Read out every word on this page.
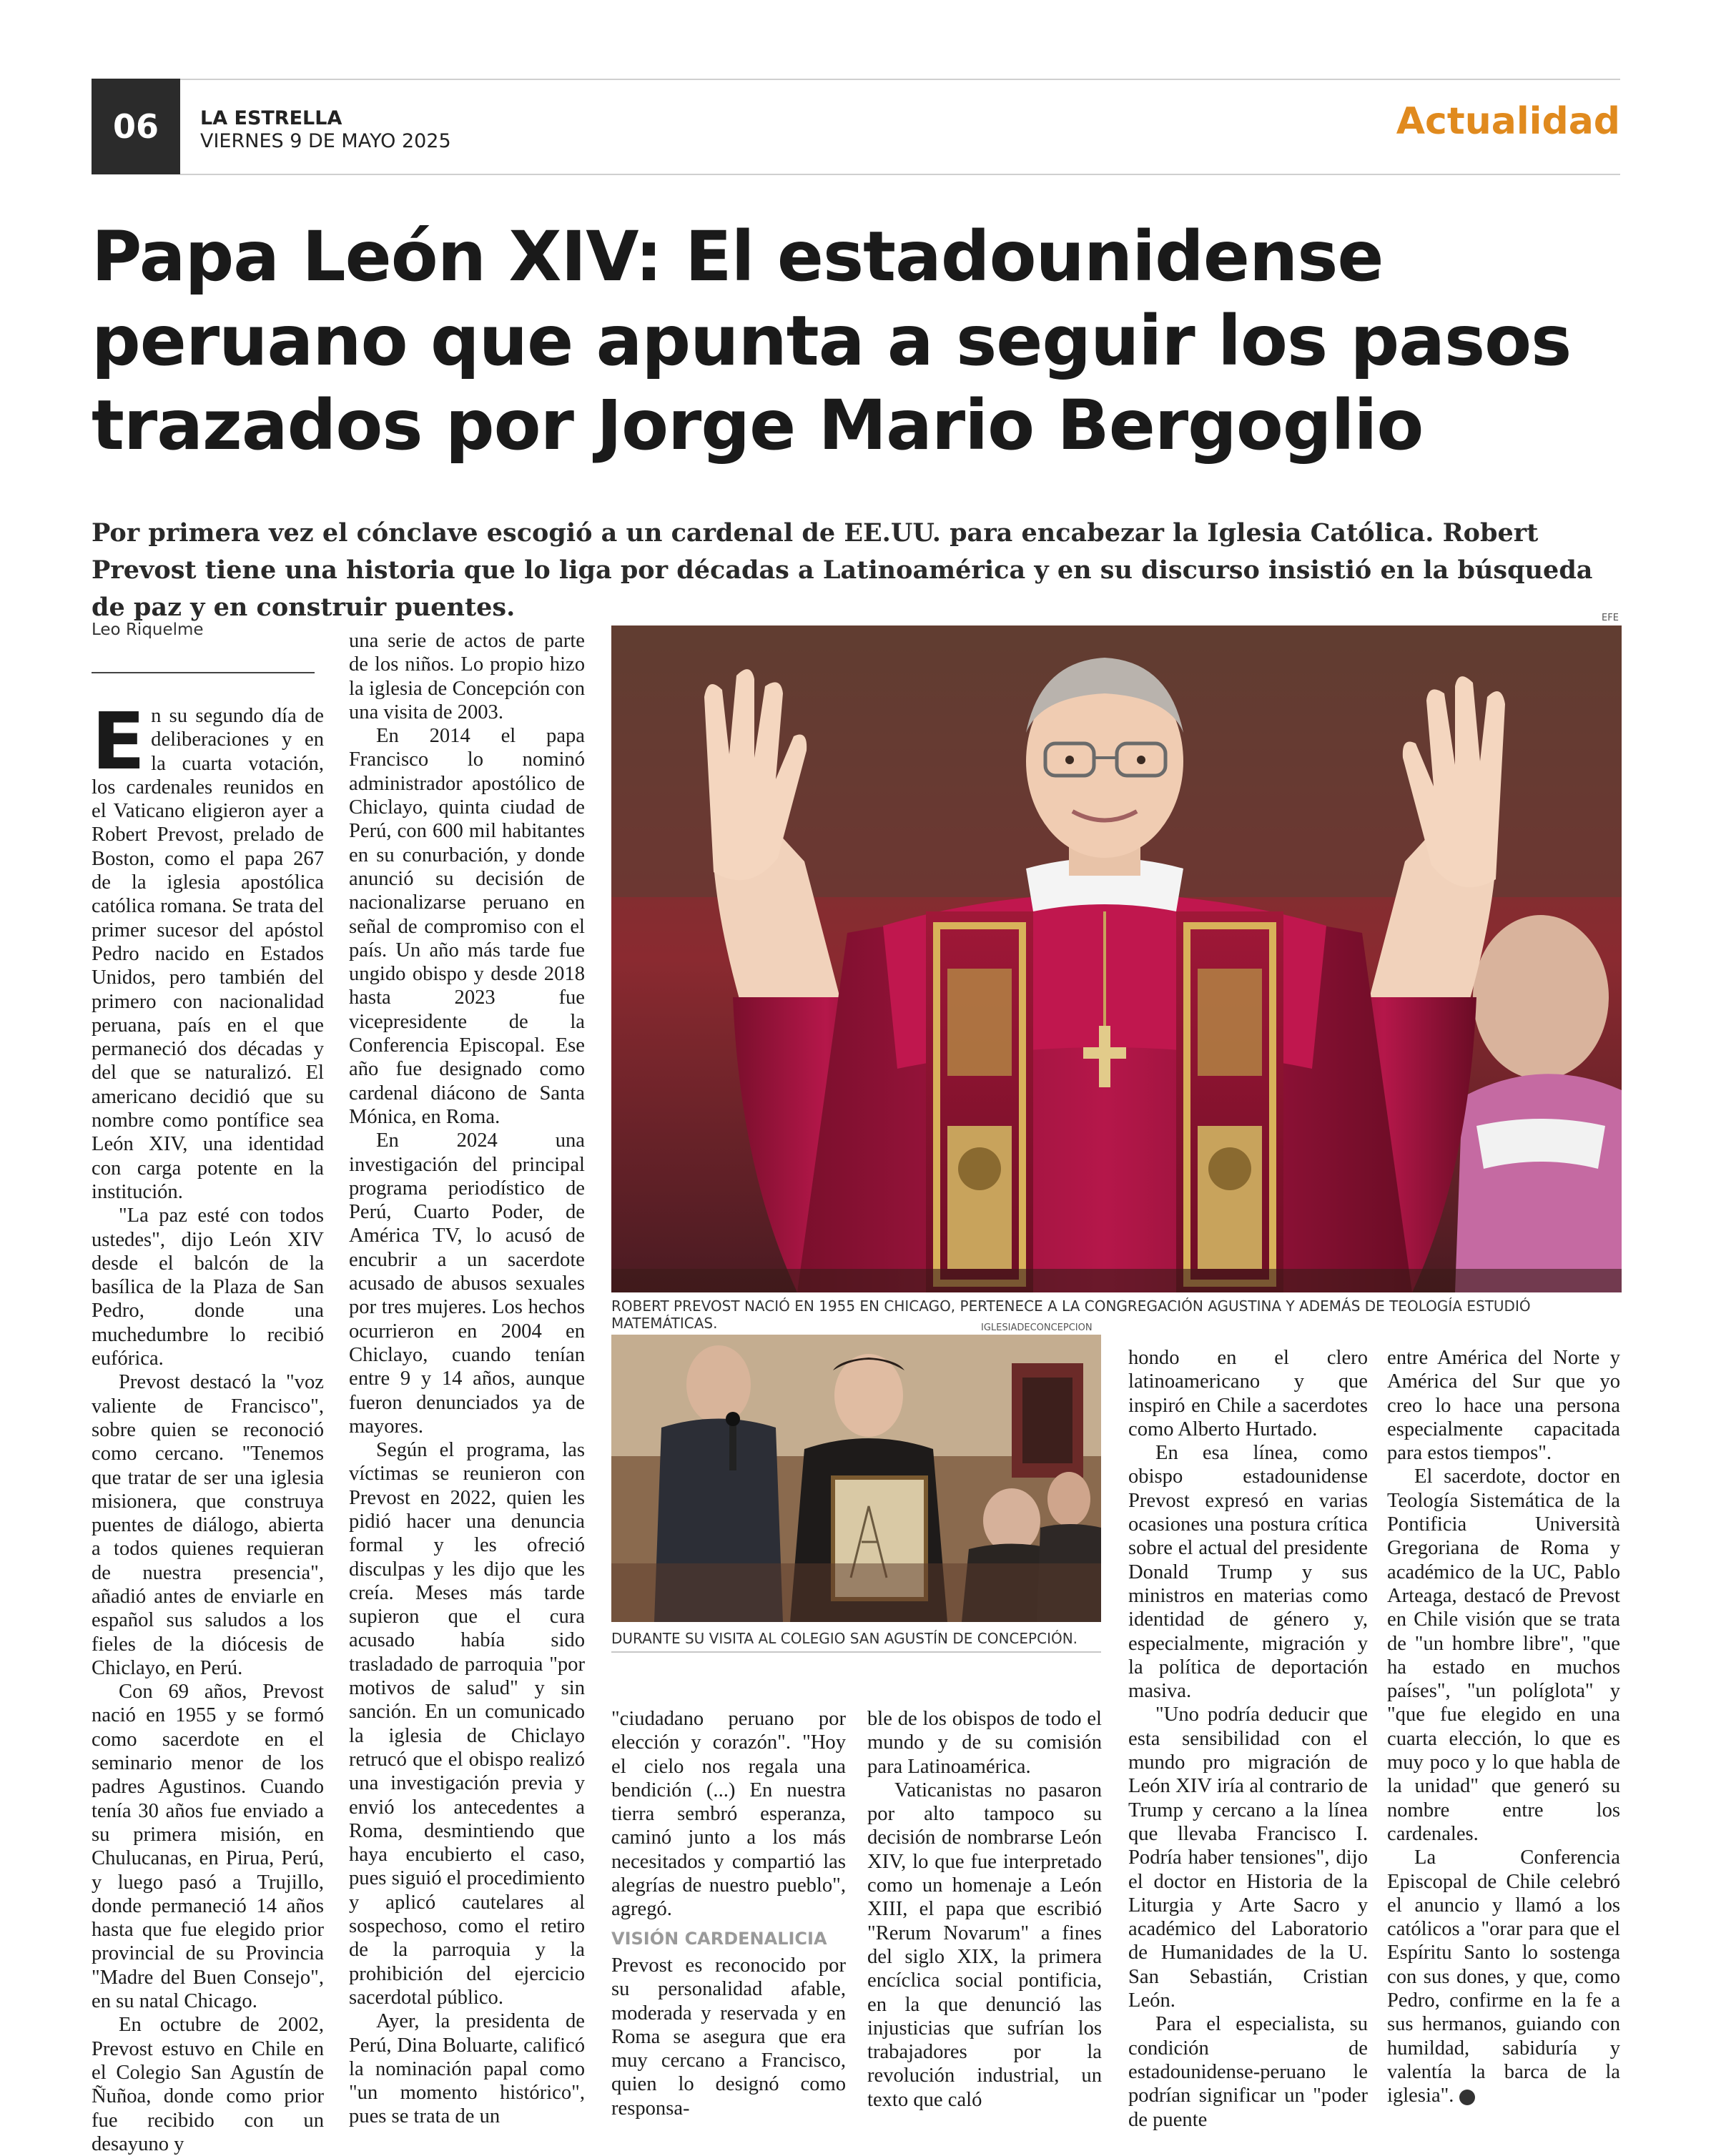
06	LA ESTRELLA
VIERNES 9 DE MAYO 2025	Actualidad
Papa León XIV: El estadounidense peruano que apunta a seguir los pasos trazados por Jorge Mario Bergoglio
Por primera vez el cónclave escogió a un cardenal de EE.UU. para encabezar la Iglesia Católica. Robert Prevost tiene una historia que lo liga por décadas a Latinoamérica y en su discurso insistió en la búsqueda de paz y en construir puentes.
Leo Riquelme

En su segundo día de deliberaciones y en la cuarta votación, los cardenales reunidos en el Vaticano eligieron ayer a Robert Prevost, prelado de Boston, como el papa 267 de la iglesia apostólica católica romana. Se trata del primer sucesor del apóstol Pedro nacido en Estados Unidos, pero también del primero con nacionalidad peruana, país en el que permaneció dos décadas y del que se naturalizó. El americano decidió que su nombre como pontífice sea León XIV, una identidad con carga potente en la institución.

"La paz esté con todos ustedes", dijo León XIV desde el balcón de la basílica de la Plaza de San Pedro, donde una muchedumbre lo recibió eufórica.

Prevost destacó la "voz valiente de Francisco", sobre quien se reconoció como cercano. "Tenemos que tratar de ser una iglesia misionera, que construya puentes de diálogo, abierta a todos quienes requieran de nuestra presencia", añadió antes de enviarle en español sus saludos a los fieles de la diócesis de Chiclayo, en Perú.

Con 69 años, Prevost nació en 1955 y se formó como sacerdote en el seminario menor de los padres Agustinos. Cuando tenía 30 años fue enviado a su primera misión, en Chulucanas, en Pirua, Perú, y luego pasó a Trujillo, donde permaneció 14 años hasta que fue elegido prior provincial de su Provincia "Madre del Buen Consejo", en su natal Chicago.

En octubre de 2002, Prevost estuvo en Chile en el Colegio San Agustín de Ñuñoa, donde como prior fue recibido con un desayuno y

una serie de actos de parte de los niños. Lo propio hizo la iglesia de Concepción con una visita de 2003.

En 2014 el papa Francisco lo nominó administrador apostólico de Chiclayo, quinta ciudad de Perú, con 600 mil habitantes en su conurbación, y donde anunció su decisión de nacionalizarse peruano en señal de compromiso con el país. Un año más tarde fue ungido obispo y desde 2018 hasta 2023 fue vicepresidente de la Conferencia Episcopal. Ese año fue designado como cardenal diácono de Santa Mónica, en Roma.

En 2024 una investigación del principal programa periodístico de Perú, Cuarto Poder, de América TV, lo acusó de encubrir a un sacerdote acusado de abusos sexuales por tres mujeres. Los hechos ocurrieron en 2004 en Chiclayo, cuando tenían entre 9 y 14 años, aunque fueron denunciados ya de mayores.

Según el programa, las víctimas se reunieron con Prevost en 2022, quien les pidió hacer una denuncia formal y les ofreció disculpas y les dijo que les creía. Meses más tarde supieron que el cura acusado había sido trasladado de parroquia "por motivos de salud" y sin sanción. En un comunicado la iglesia de Chiclayo retrucó que el obispo realizó una investigación previa y envió los antecedentes a Roma, desmintiendo que haya encubierto el caso, pues siguió el procedimiento y aplicó cautelares al sospechoso, como el retiro de la parroquia y la prohibición del ejercicio sacerdotal público.

Ayer, la presidenta de Perú, Dina Boluarte, calificó la nominación papal como "un momento histórico", pues se trata de un

EFE
ROBERT PREVOST NACIÓ EN 1955 EN CHICAGO, PERTENECE A LA CONGREGACIÓN AGUSTINA Y ADEMÁS DE TEOLOGÍA ESTUDIÓ MATEMÁTICAS.	IGLESIADECONCEPCION
DURANTE SU VISITA AL COLEGIO SAN AGUSTÍN DE CONCEPCIÓN.

"ciudadano peruano por elección y corazón". "Hoy el cielo nos regala una bendición (...) En nuestra tierra sembró esperanza, caminó junto a los más necesitados y compartió las alegrías de nuestro pueblo", agregó.

VISIÓN CARDENALICIA

Prevost es reconocido por su personalidad afable, moderada y reservada y en Roma se asegura que era muy cercano a Francisco, quien lo designó como responsa-

ble de los obispos de todo el mundo y de su comisión para Latinoamérica.

Vaticanistas no pasaron por alto tampoco su decisión de nombrarse León XIV, lo que fue interpretado como un homenaje a León XIII, el papa que escribió "Rerum Novarum" a fines del siglo XIX, la primera encíclica social pontificia, en la que denunció las injusticias que sufrían los trabajadores por la revolución industrial, un texto que caló

hondo en el clero latinoamericano y que inspiró en Chile a sacerdotes como Alberto Hurtado.

En esa línea, como obispo estadounidense Prevost expresó en varias ocasiones una postura crítica sobre el actual del presidente Donald Trump y sus ministros en materias como identidad de género y, especialmente, migración y la política de deportación masiva.

"Uno podría deducir que esta sensibilidad con el mundo pro migración de León XIV iría al contrario de Trump y cercano a la línea que llevaba Francisco I. Podría haber tensiones", dijo el doctor en Historia de la Liturgia y Arte Sacro y académico del Laboratorio de Humanidades de la U. San Sebastián, Cristian León.

Para el especialista, su condición de estadounidense-peruano le podrían significar un "poder de puente

entre América del Norte y América del Sur que yo creo lo hace una persona especialmente capacitada para estos tiempos".

El sacerdote, doctor en Teología Sistemática de la Pontificia Università Gregoriana de Roma y académico de la UC, Pablo Arteaga, destacó de Prevost en Chile visión que se trata de "un hombre libre", "que ha estado en muchos países", "un políglota" y "que fue elegido en una cuarta elección, lo que es muy poco y lo que habla de la unidad" que generó su nombre entre los cardenales.

La Conferencia Episcopal de Chile celebró el anuncio y llamó a los católicos a "orar para que el Espíritu Santo lo sostenga con sus dones, y que, como Pedro, confirme en la fe a sus hermanos, guiando con humildad, sabiduría y valentía la barca de la iglesia".	✪
